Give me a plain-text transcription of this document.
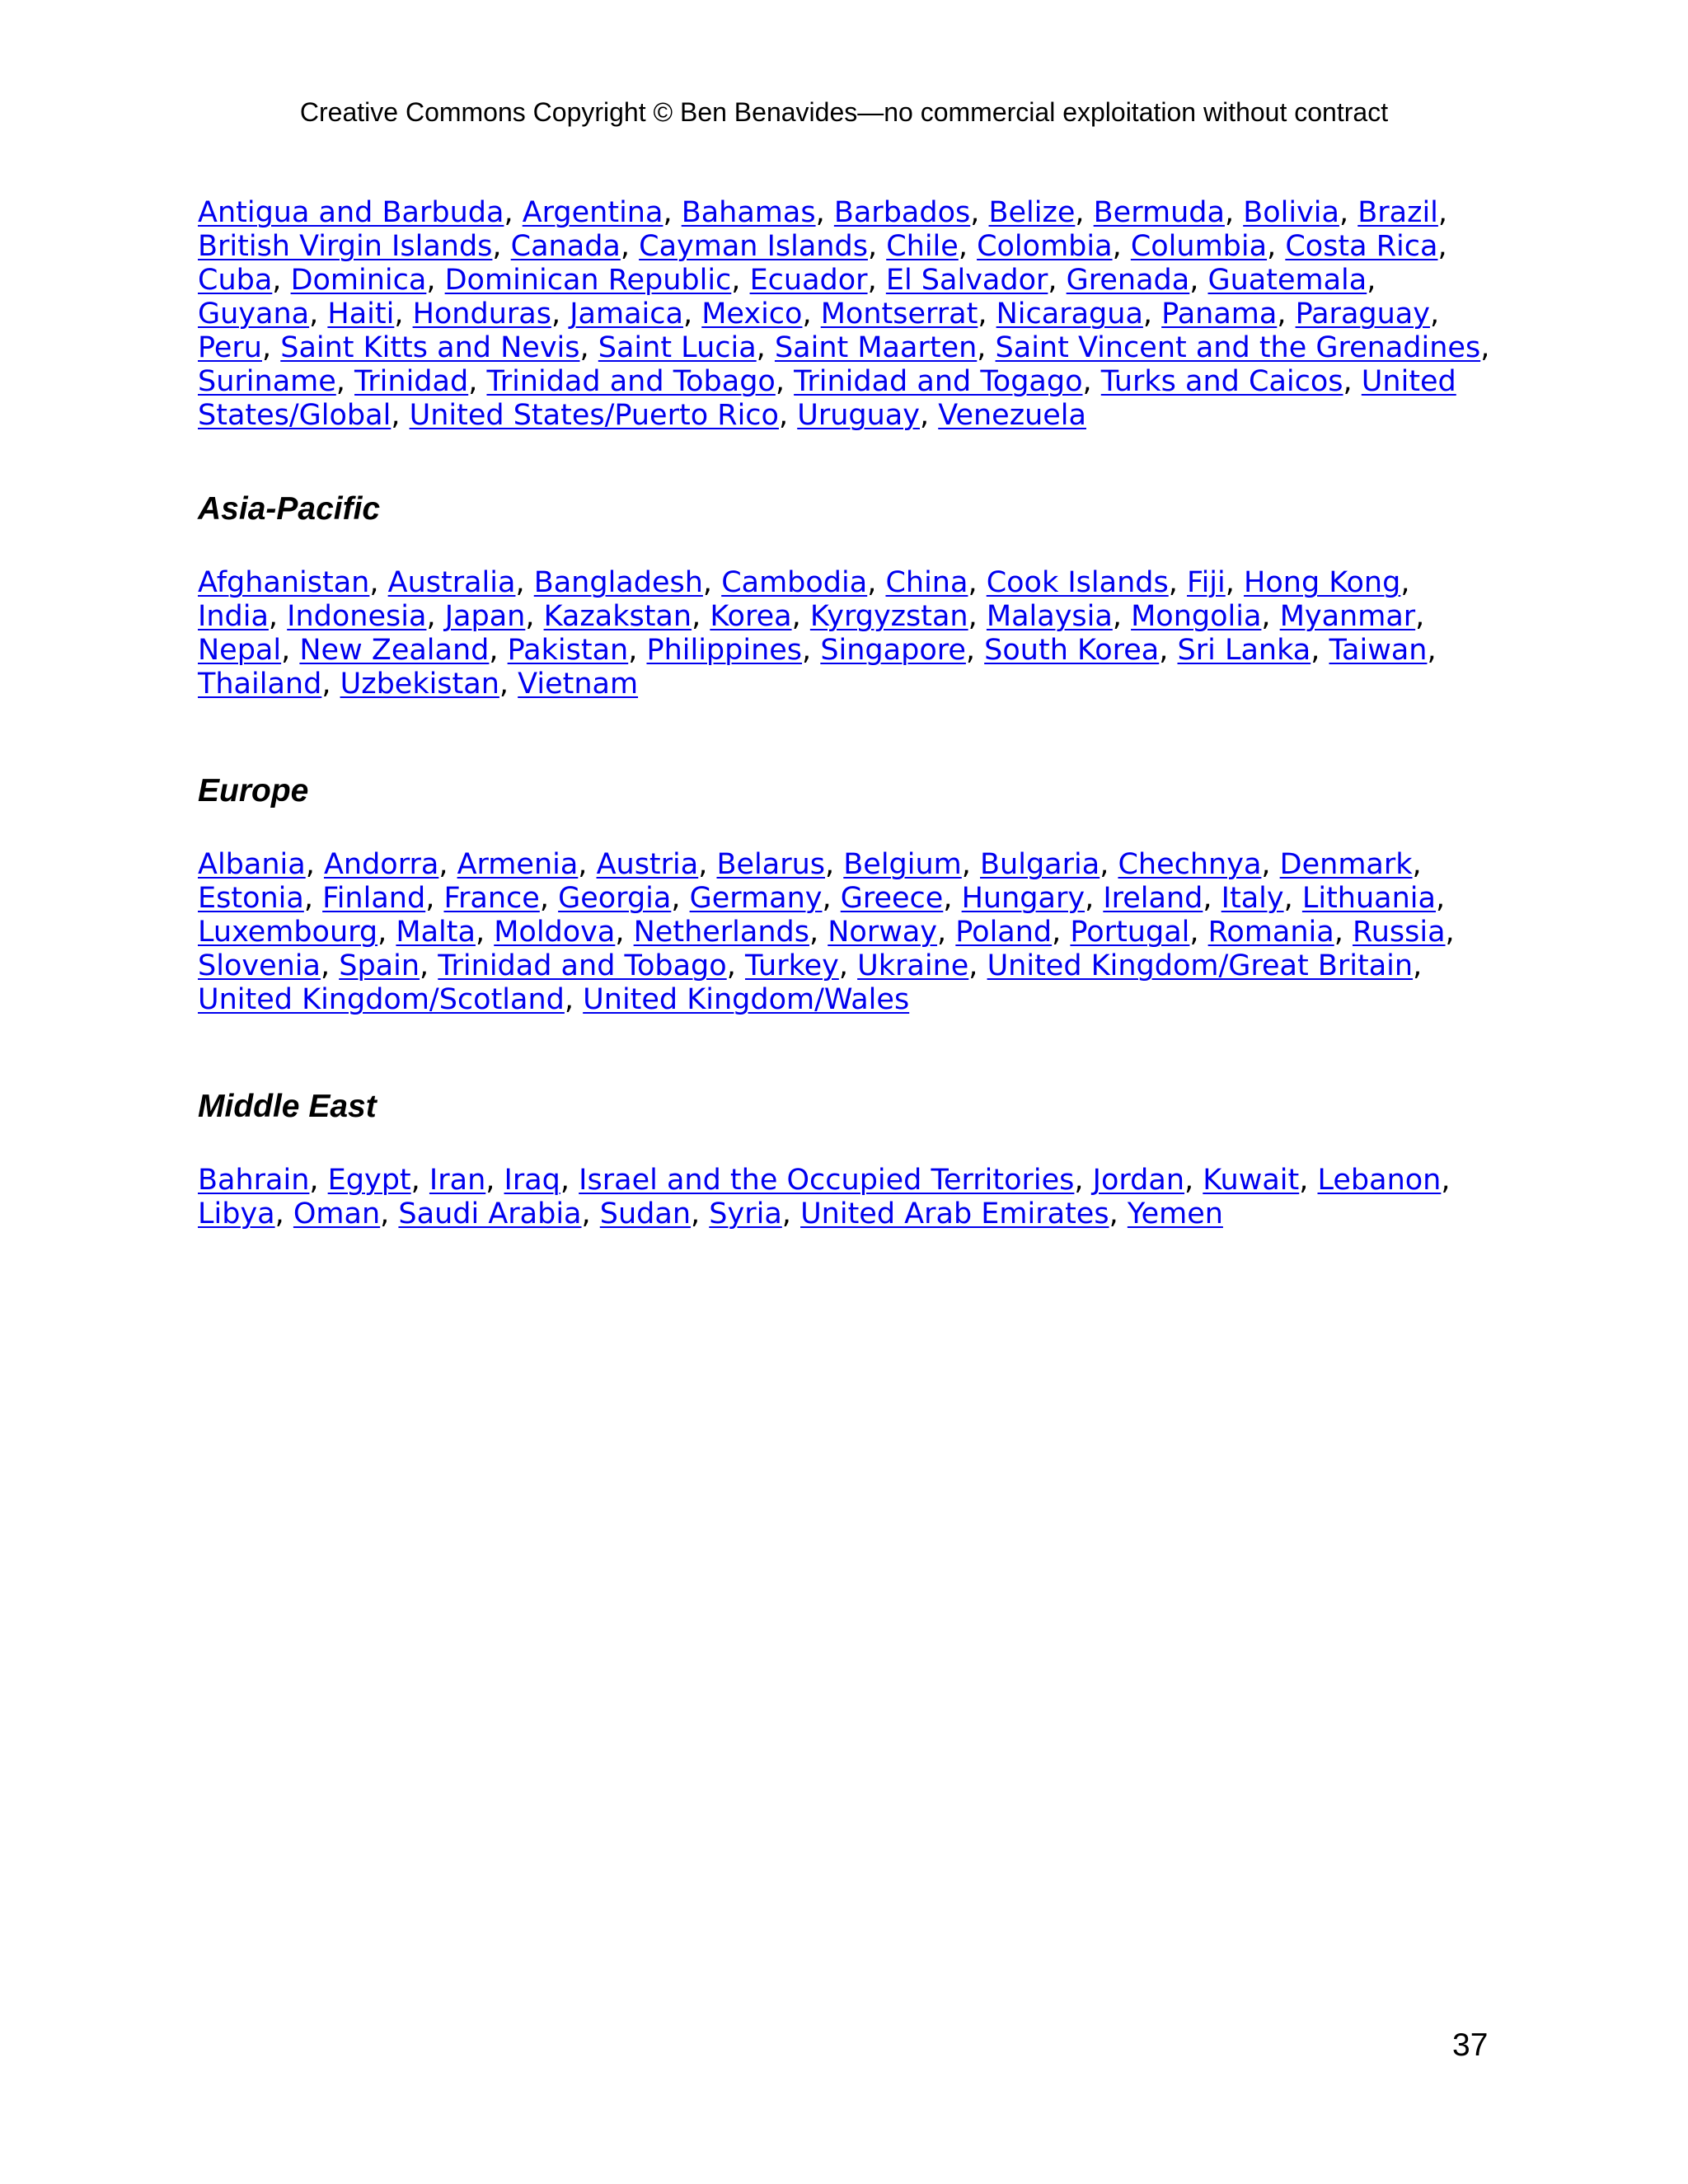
Creative Commons Copyright © Ben Benavides—no commercial exploitation without contract
Antigua and Barbuda, Argentina, Bahamas, Barbados, Belize, Bermuda, Bolivia, Brazil, British Virgin Islands, Canada, Cayman Islands, Chile, Colombia, Columbia, Costa Rica, Cuba, Dominica, Dominican Republic, Ecuador, El Salvador, Grenada, Guatemala, Guyana, Haiti, Honduras, Jamaica, Mexico, Montserrat, Nicaragua, Panama, Paraguay, Peru, Saint Kitts and Nevis, Saint Lucia, Saint Maarten, Saint Vincent and the Grenadines, Suriname, Trinidad, Trinidad and Tobago, Trinidad and Togago, Turks and Caicos, United States/Global, United States/Puerto Rico, Uruguay, Venezuela
Asia-Pacific
Afghanistan, Australia, Bangladesh, Cambodia, China, Cook Islands, Fiji, Hong Kong, India, Indonesia, Japan, Kazakstan, Korea, Kyrgyzstan, Malaysia, Mongolia, Myanmar, Nepal, New Zealand, Pakistan, Philippines, Singapore, South Korea, Sri Lanka, Taiwan, Thailand, Uzbekistan, Vietnam
Europe
Albania, Andorra, Armenia, Austria, Belarus, Belgium, Bulgaria, Chechnya, Denmark, Estonia, Finland, France, Georgia, Germany, Greece, Hungary, Ireland, Italy, Lithuania, Luxembourg, Malta, Moldova, Netherlands, Norway, Poland, Portugal, Romania, Russia, Slovenia, Spain, Trinidad and Tobago, Turkey, Ukraine, United Kingdom/Great Britain, United Kingdom/Scotland, United Kingdom/Wales
Middle East
Bahrain, Egypt, Iran, Iraq, Israel and the Occupied Territories, Jordan, Kuwait, Lebanon, Libya, Oman, Saudi Arabia, Sudan, Syria, United Arab Emirates, Yemen
37
